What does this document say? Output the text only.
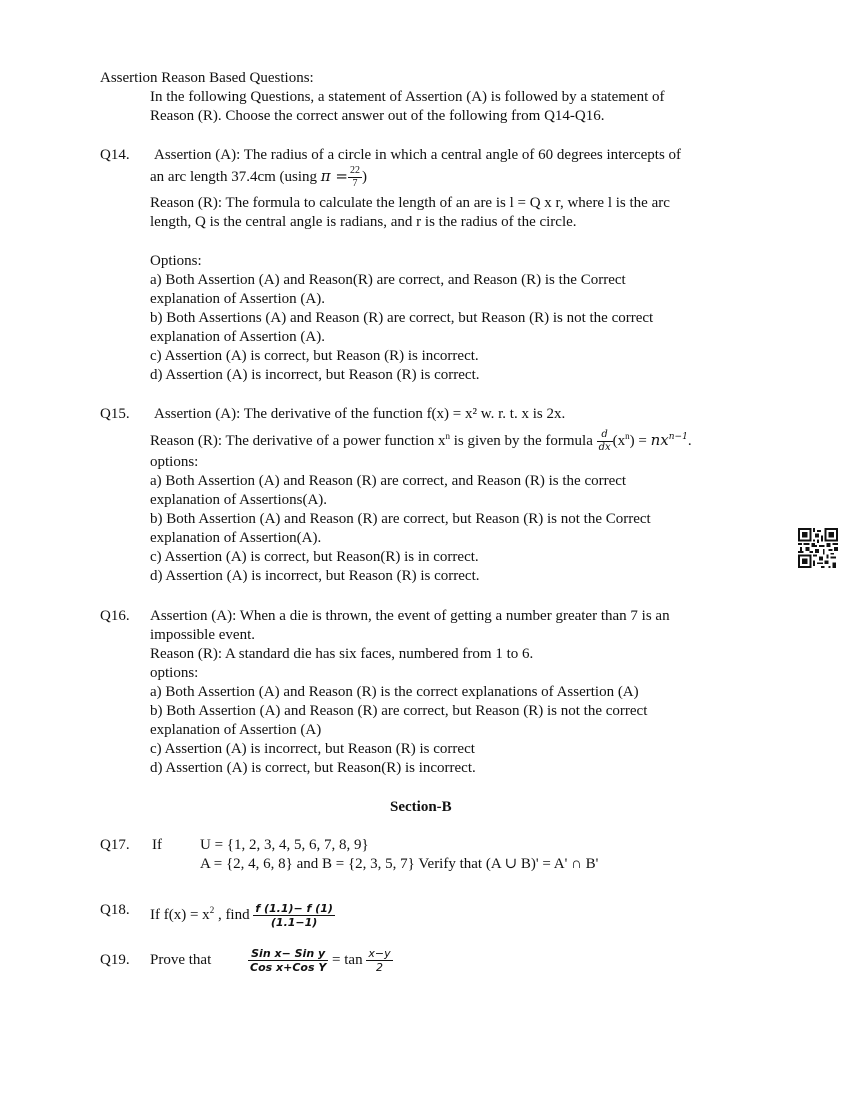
Assertion Reason Based Questions:
In the following Questions, a statement of Assertion (A) is followed by a statement of
Reason (R). Choose the correct answer out of the following from Q14-Q16.
Q14. Assertion (A): The radius of a circle in which a central angle of 60 degrees intercepts of
an arc length 37.4cm (using $\pi = \frac{22}{7}$ )
Reason (R): The formula to calculate the length of an are is l = Q x r, where l is the arc
length, Q is the central angle is radians, and r is the radius of the circle.
Options:
a) Both Assertion (A) and Reason(R) are correct, and Reason (R) is the Correct
explanation of Assertion (A).
b) Both Assertions (A) and Reason (R) are correct, but Reason (R) is not the correct
explanation of Assertion (A).
c) Assertion (A) is correct, but Reason (R) is incorrect.
d) Assertion (A) is incorrect, but Reason (R) is correct.
Q15. Assertion (A): The derivative of the function f(x) = x² w. r. t. x is 2x.
Reason (R): The derivative of a power function $x^n$ is given by the formula $\frac{d}{dx} (x^n) = nx^{n-1}$.
options:
a) Both Assertion (A) and Reason (R) are correct, and Reason (R) is the correct
explanation of Assertions(A).
b) Both Assertion (A) and Reason (R) are correct, but Reason (R) is not the Correct
explanation of Assertion(A).
c) Assertion (A) is correct, but Reason(R) is in correct.
d) Assertion (A) is incorrect, but Reason (R) is correct.
Q16. Assertion (A): When a die is thrown, the event of getting a number greater than 7 is an
impossible event.
Reason (R): A standard die has six faces, numbered from 1 to 6.
options:
a) Both Assertion (A) and Reason (R) is the correct explanations of Assertion (A)
b) Both Assertion (A) and Reason (R) are correct, but Reason (R) is not the correct
explanation of Assertion (A)
c) Assertion (A) is incorrect, but Reason (R) is correct
d) Assertion (A) is correct, but Reason(R) is incorrect.
Section-B
Q17. If	U = {1, 2, 3, 4, 5, 6, 7, 8, 9}
A = {2, 4, 6, 8} and B = {2, 3, 5, 7} Verify that (A ∪ B)' = A' ∩ B'
Q18. If $f(x) = x^2$ , find $\frac{f (1.1)- f (1)}{(1.1-1)}$
Q19. Prove that	$\frac{\text{Sin x− Sin y}}{\text{Cos x+Cos Y}} = \tan \frac{x-y}{2}$
